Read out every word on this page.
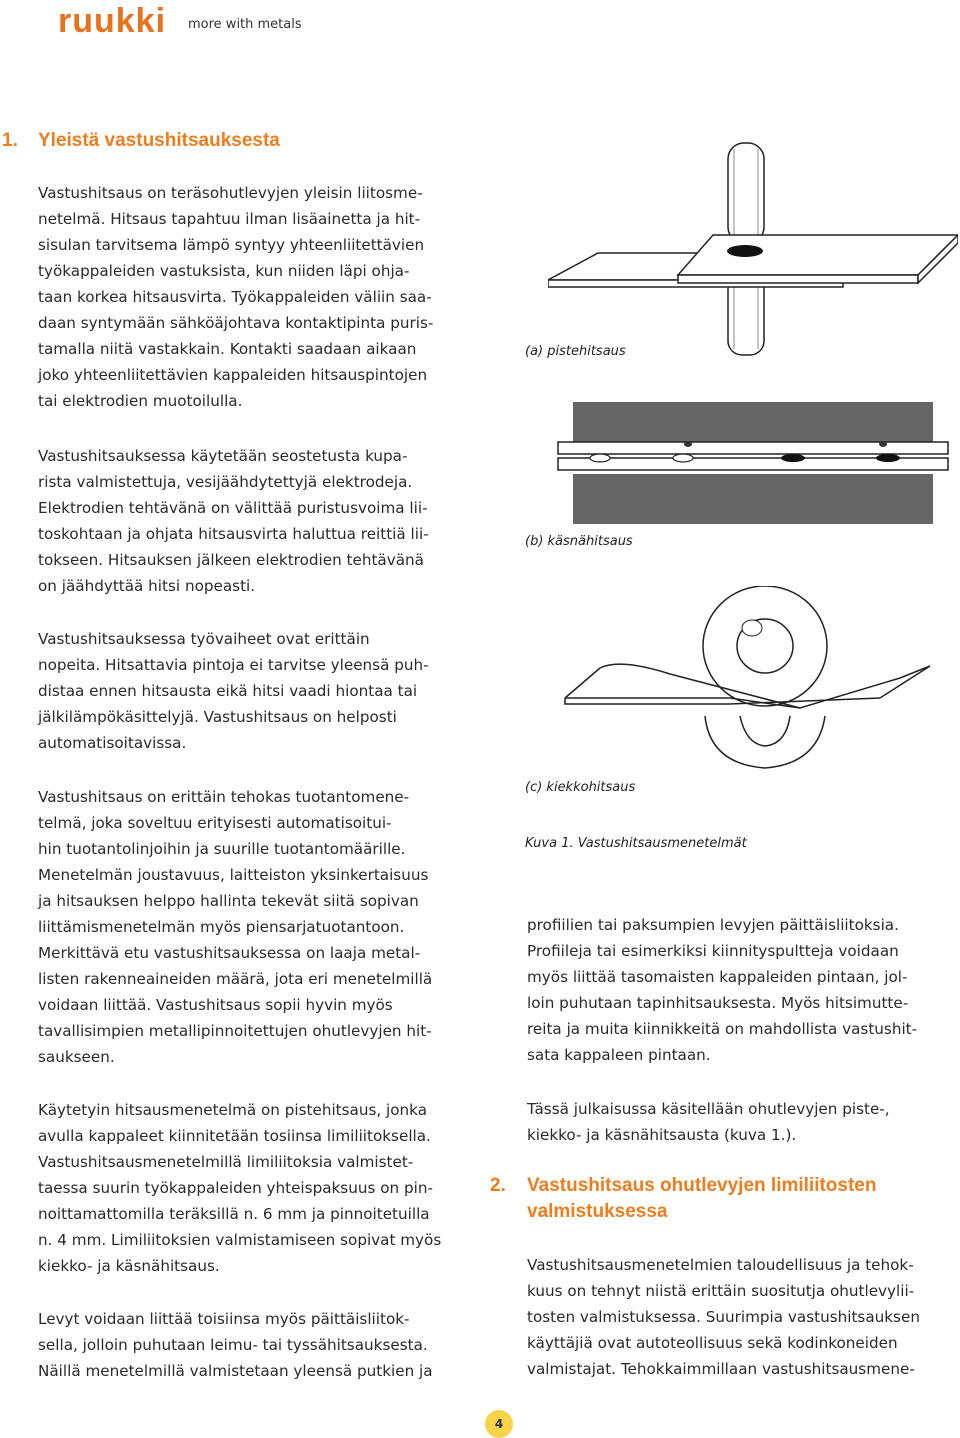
ruukki more with metals
1. Yleistä vastushitsauksesta
Vastushitsaus on teräsohutlevyjen yleisin liitosme-
netelmä. Hitsaus tapahtuu ilman lisäainetta ja hit-
sisulan tarvitsema lämpö syntyy yhteenliitettävien
työkappaleiden vastuksista, kun niiden läpi ohja-
taan korkea hitsausvirta. Työkappaleiden väliin saa-
daan syntymään sähköäjohtava kontaktipinta puris-
tamalla niitä vastakkain. Kontakti saadaan aikaan
joko yhteenliitettävien kappaleiden hitsauspintojen
tai elektrodien muotoilulla.
Vastushitsauksessa käytetään seostetusta kupa-
rista valmistettuja, vesijäähdytettyjä elektrodeja.
Elektrodien tehtävänä on välittää puristusvoima lii-
toskohtaan ja ohjata hitsausvirta haluttua reittiä lii-
tokseen. Hitsauksen jälkeen elektrodien tehtävänä
on jäähdyttää hitsi nopeasti.
Vastushitsauksessa työvaiheet ovat erittäin
nopeita. Hitsattavia pintoja ei tarvitse yleensä puh-
distaa ennen hitsausta eikä hitsi vaadi hiontaa tai
jälkilämpökäsittelyjä. Vastushitsaus on helposti
automatisoitavissa.
Vastushitsaus on erittäin tehokas tuotantomene-
telmä, joka soveltuu erityisesti automatisoitui-
hin tuotantolinjoihin ja suurille tuotantomäärille.
Menetelmän joustavuus, laitteiston yksinkertaisuus
ja hitsauksen helppo hallinta tekevät siitä sopivan
liittämismenetelmän myös piensarjatuotantoon.
Merkittävä etu vastushitsauksessa on laaja metal-
listen rakenneaineiden määrä, jota eri menetelmillä
voidaan liittää. Vastushitsaus sopii hyvin myös
tavallisimpien metallipinnoitettujen ohutlevyjen hit-
saukseen.
Käytetyin hitsausmenetelmä on pistehitsaus, jonka
avulla kappaleet kiinnitetään tosiinsa limiliitoksella.
Vastushitsausmenetelmillä limiliitoksia valmistet-
taessa suurin työkappaleiden yhteispaksuus on pin-
noittamattomilla teräksillä n. 6 mm ja pinnoitetuilla
n. 4 mm. Limiliitoksien valmistamiseen sopivat myös
kiekko- ja käsnähitsaus.
Levyt voidaan liittää toisiinsa myös päittäisliitok-
sella, jolloin puhutaan leimu- tai tyssähitsauksesta.
Näillä menetelmillä valmistetaan yleensä putkien ja
(a) pistehitsaus
(b) käsnähitsaus
(c) kiekkohitsaus
Kuva 1. Vastushitsausmenetelmät
profiilien tai paksumpien levyjen päittäisliitoksia.
Profiileja tai esimerkiksi kiinnityspultteja voidaan
myös liittää tasomaisten kappaleiden pintaan, jol-
loin puhutaan tapinhitsauksesta. Myös hitsimutte-
reita ja muita kiinnikkeitä on mahdollista vastushit-
sata kappaleen pintaan.
Tässä julkaisussa käsitellään ohutlevyjen piste-,
kiekko- ja käsnähitsausta (kuva 1.).
2. Vastushitsaus ohutlevyjen limiliitosten
valmistuksessa
Vastushitsausmenetelmien taloudellisuus ja tehok-
kuus on tehnyt niistä erittäin suositutja ohutlevylii-
tosten valmistuksessa. Suurimpia vastushitsauksen
käyttäjiä ovat autoteollisuus sekä kodinkoneiden
valmistajat. Tehokkaimmillaan vastushitsausmene-
4
